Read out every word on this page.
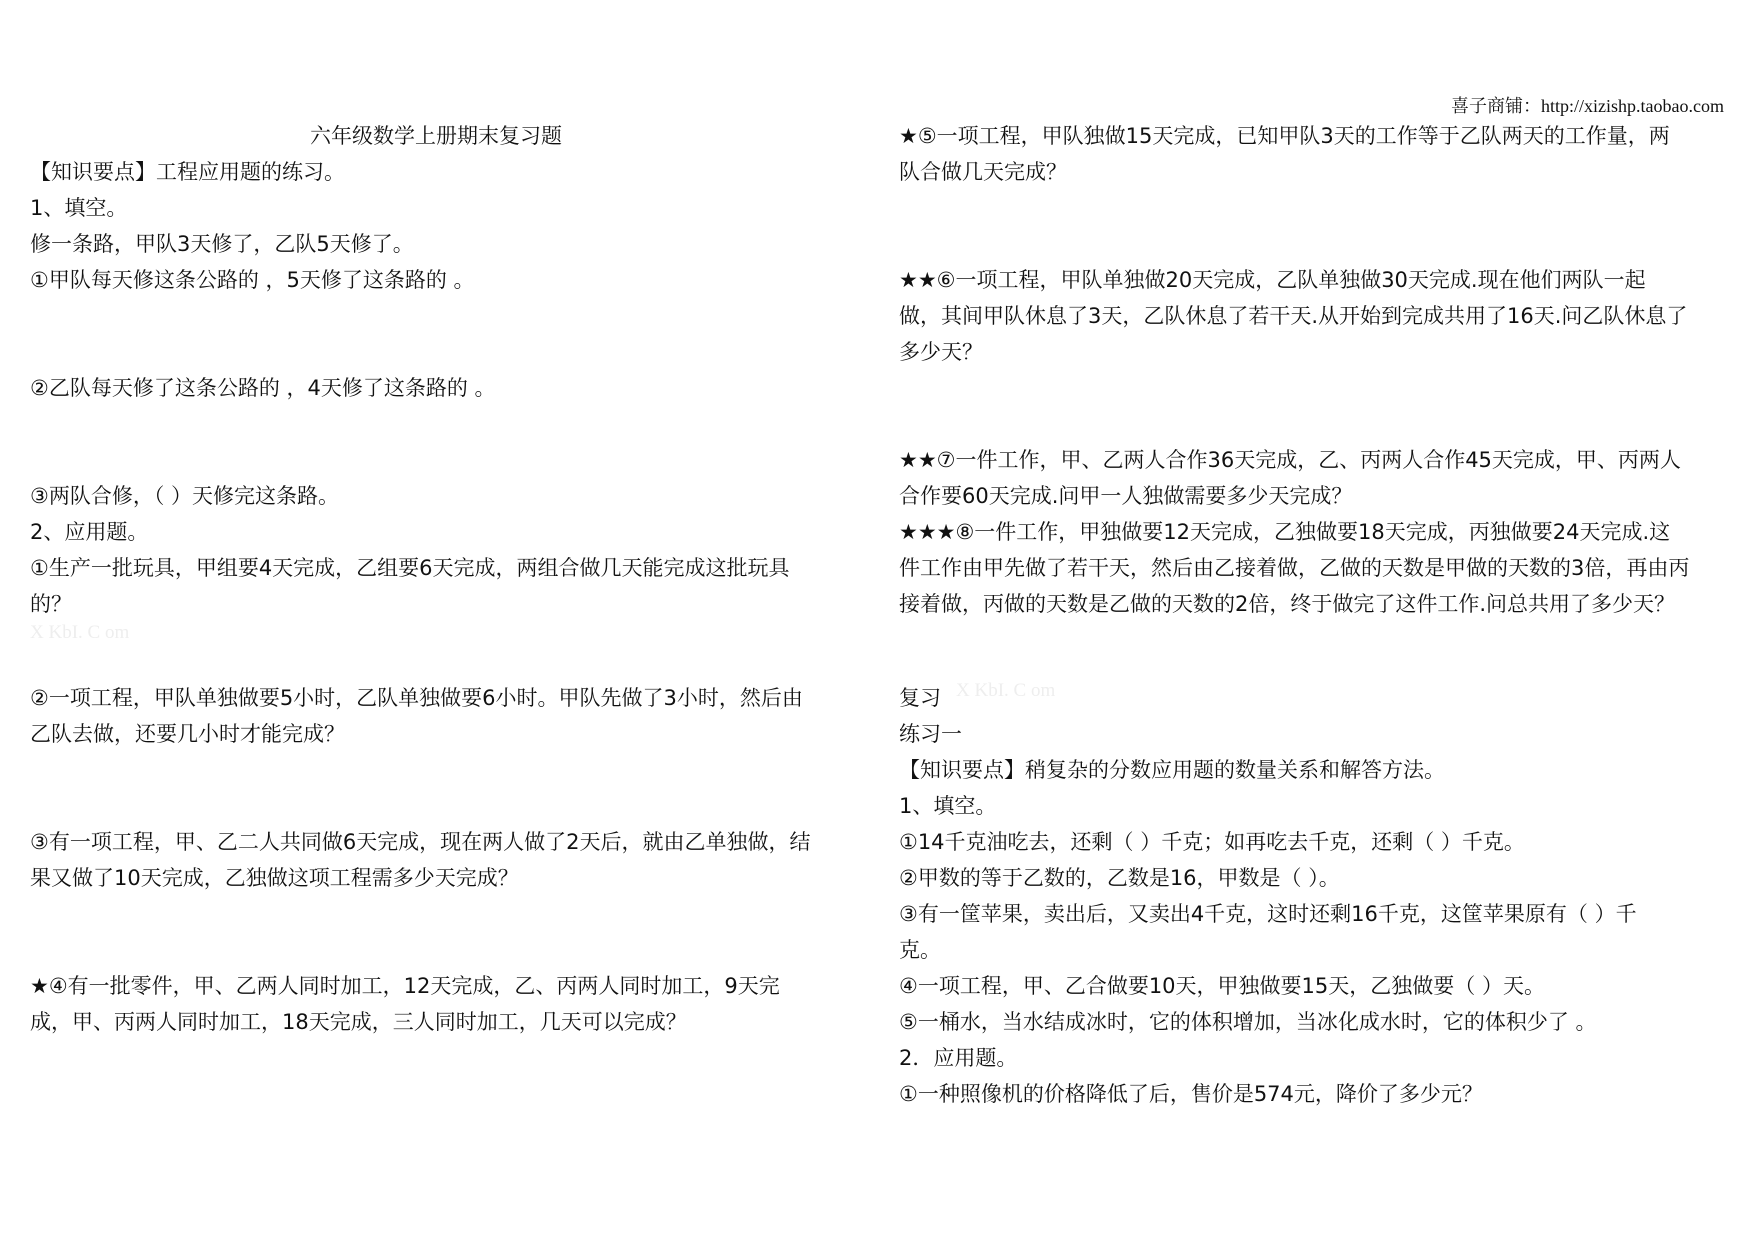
喜子商铺：http://xizishp.taobao.com
六年级数学上册期末复习题
【知识要点】工程应用题的练习。
1、填空。
修一条路，甲队3天修了，乙队5天修了。
①甲队每天修这条公路的 ，5天修了这条路的 。
②乙队每天修了这条公路的 ，4天修了这条路的 。
③两队合修，（ ）天修完这条路。
2、应用题。
①生产一批玩具，甲组要4天完成，乙组要6天完成，两组合做几天能完成这批玩具
的？
②一项工程，甲队单独做要5小时，乙队单独做要6小时。甲队先做了3小时，然后由
乙队去做，还要几小时才能完成？
③有一项工程，甲、乙二人共同做6天完成，现在两人做了2天后，就由乙单独做，结
果又做了10天完成，乙独做这项工程需多少天完成？
★④有一批零件，甲、乙两人同时加工，12天完成，乙、丙两人同时加工，9天完
成，甲、丙两人同时加工，18天完成，三人同时加工，几天可以完成？
★⑤一项工程，甲队独做15天完成，已知甲队3天的工作等于乙队两天的工作量，两
队合做几天完成？
★★⑥一项工程，甲队单独做20天完成，乙队单独做30天完成.现在他们两队一起
做，其间甲队休息了3天，乙队休息了若干天.从开始到完成共用了16天.问乙队休息了
多少天？
★★⑦一件工作，甲、乙两人合作36天完成，乙、丙两人合作45天完成，甲、丙两人
合作要60天完成.问甲一人独做需要多少天完成？
★★★⑧一件工作，甲独做要12天完成，乙独做要18天完成，丙独做要24天完成.这
件工作由甲先做了若干天，然后由乙接着做，乙做的天数是甲做的天数的3倍，再由丙
接着做，丙做的天数是乙做的天数的2倍，终于做完了这件工作.问总共用了多少天？
复习
练习一
【知识要点】稍复杂的分数应用题的数量关系和解答方法。
1、填空。
①14千克油吃去，还剩（ ）千克；如再吃去千克，还剩（ ）千克。
②甲数的等于乙数的，乙数是16，甲数是（ ）。
③有一筐苹果，卖出后，又卖出4千克，这时还剩16千克，这筐苹果原有（ ）千
克。
④一项工程，甲、乙合做要10天，甲独做要15天，乙独做要（ ）天。
⑤一桶水，当水结成冰时，它的体积增加，当冰化成水时，它的体积少了 。
2．应用题。
①一种照像机的价格降低了后，售价是574元，降价了多少元？
X KbI. C om
X KbI. C om
